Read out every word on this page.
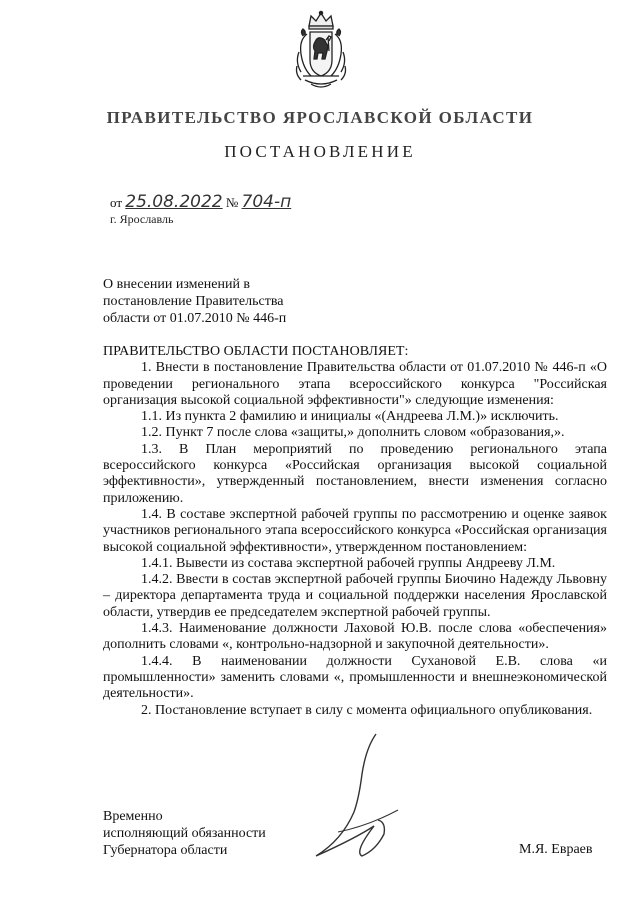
ПРАВИТЕЛЬСТВО ЯРОСЛАВСКОЙ ОБЛАСТИ
ПОСТАНОВЛЕНИЕ
от 25.08.2022 № 704-п
г. Ярославль
О внесении изменений в
постановление Правительства
области от 01.07.2010 № 446-п

ПРАВИТЕЛЬСТВО ОБЛАСТИ ПОСТАНОВЛЯЕТ:

1. Внести в постановление Правительства области от 01.07.2010 № 446-п «О проведении регионального этапа всероссийского конкурса "Российская организация высокой социальной эффективности"» следующие изменения:

1.1. Из пункта 2 фамилию и инициалы «(Андреева Л.М.)» исключить.

1.2. Пункт 7 после слова «защиты,» дополнить словом «образования,».

1.3. В План мероприятий по проведению регионального этапа всероссийского конкурса «Российская организация высокой социальной эффективности», утвержденный постановлением, внести изменения согласно приложению.

1.4. В составе экспертной рабочей группы по рассмотрению и оценке заявок участников регионального этапа всероссийского конкурса «Российская организация высокой социальной эффективности», утвержденном постановлением:

1.4.1. Вывести из состава экспертной рабочей группы Андрееву Л.М.

1.4.2. Ввести в состав экспертной рабочей группы Биочино Надежду Львовну – директора департамента труда и социальной поддержки населения Ярославской области, утвердив ее председателем экспертной рабочей группы.

1.4.3. Наименование должности Лаховой Ю.В. после слова «обеспечения» дополнить словами «, контрольно-надзорной и закупочной деятельности».

1.4.4. В наименовании должности Сухановой Е.В. слова «и промышленности» заменить словами «, промышленности и внешнеэкономической деятельности».

2. Постановление вступает в силу с момента официального опубликования.

Временно
исполняющий обязанности
Губернатора области	М.Я. Евраев
